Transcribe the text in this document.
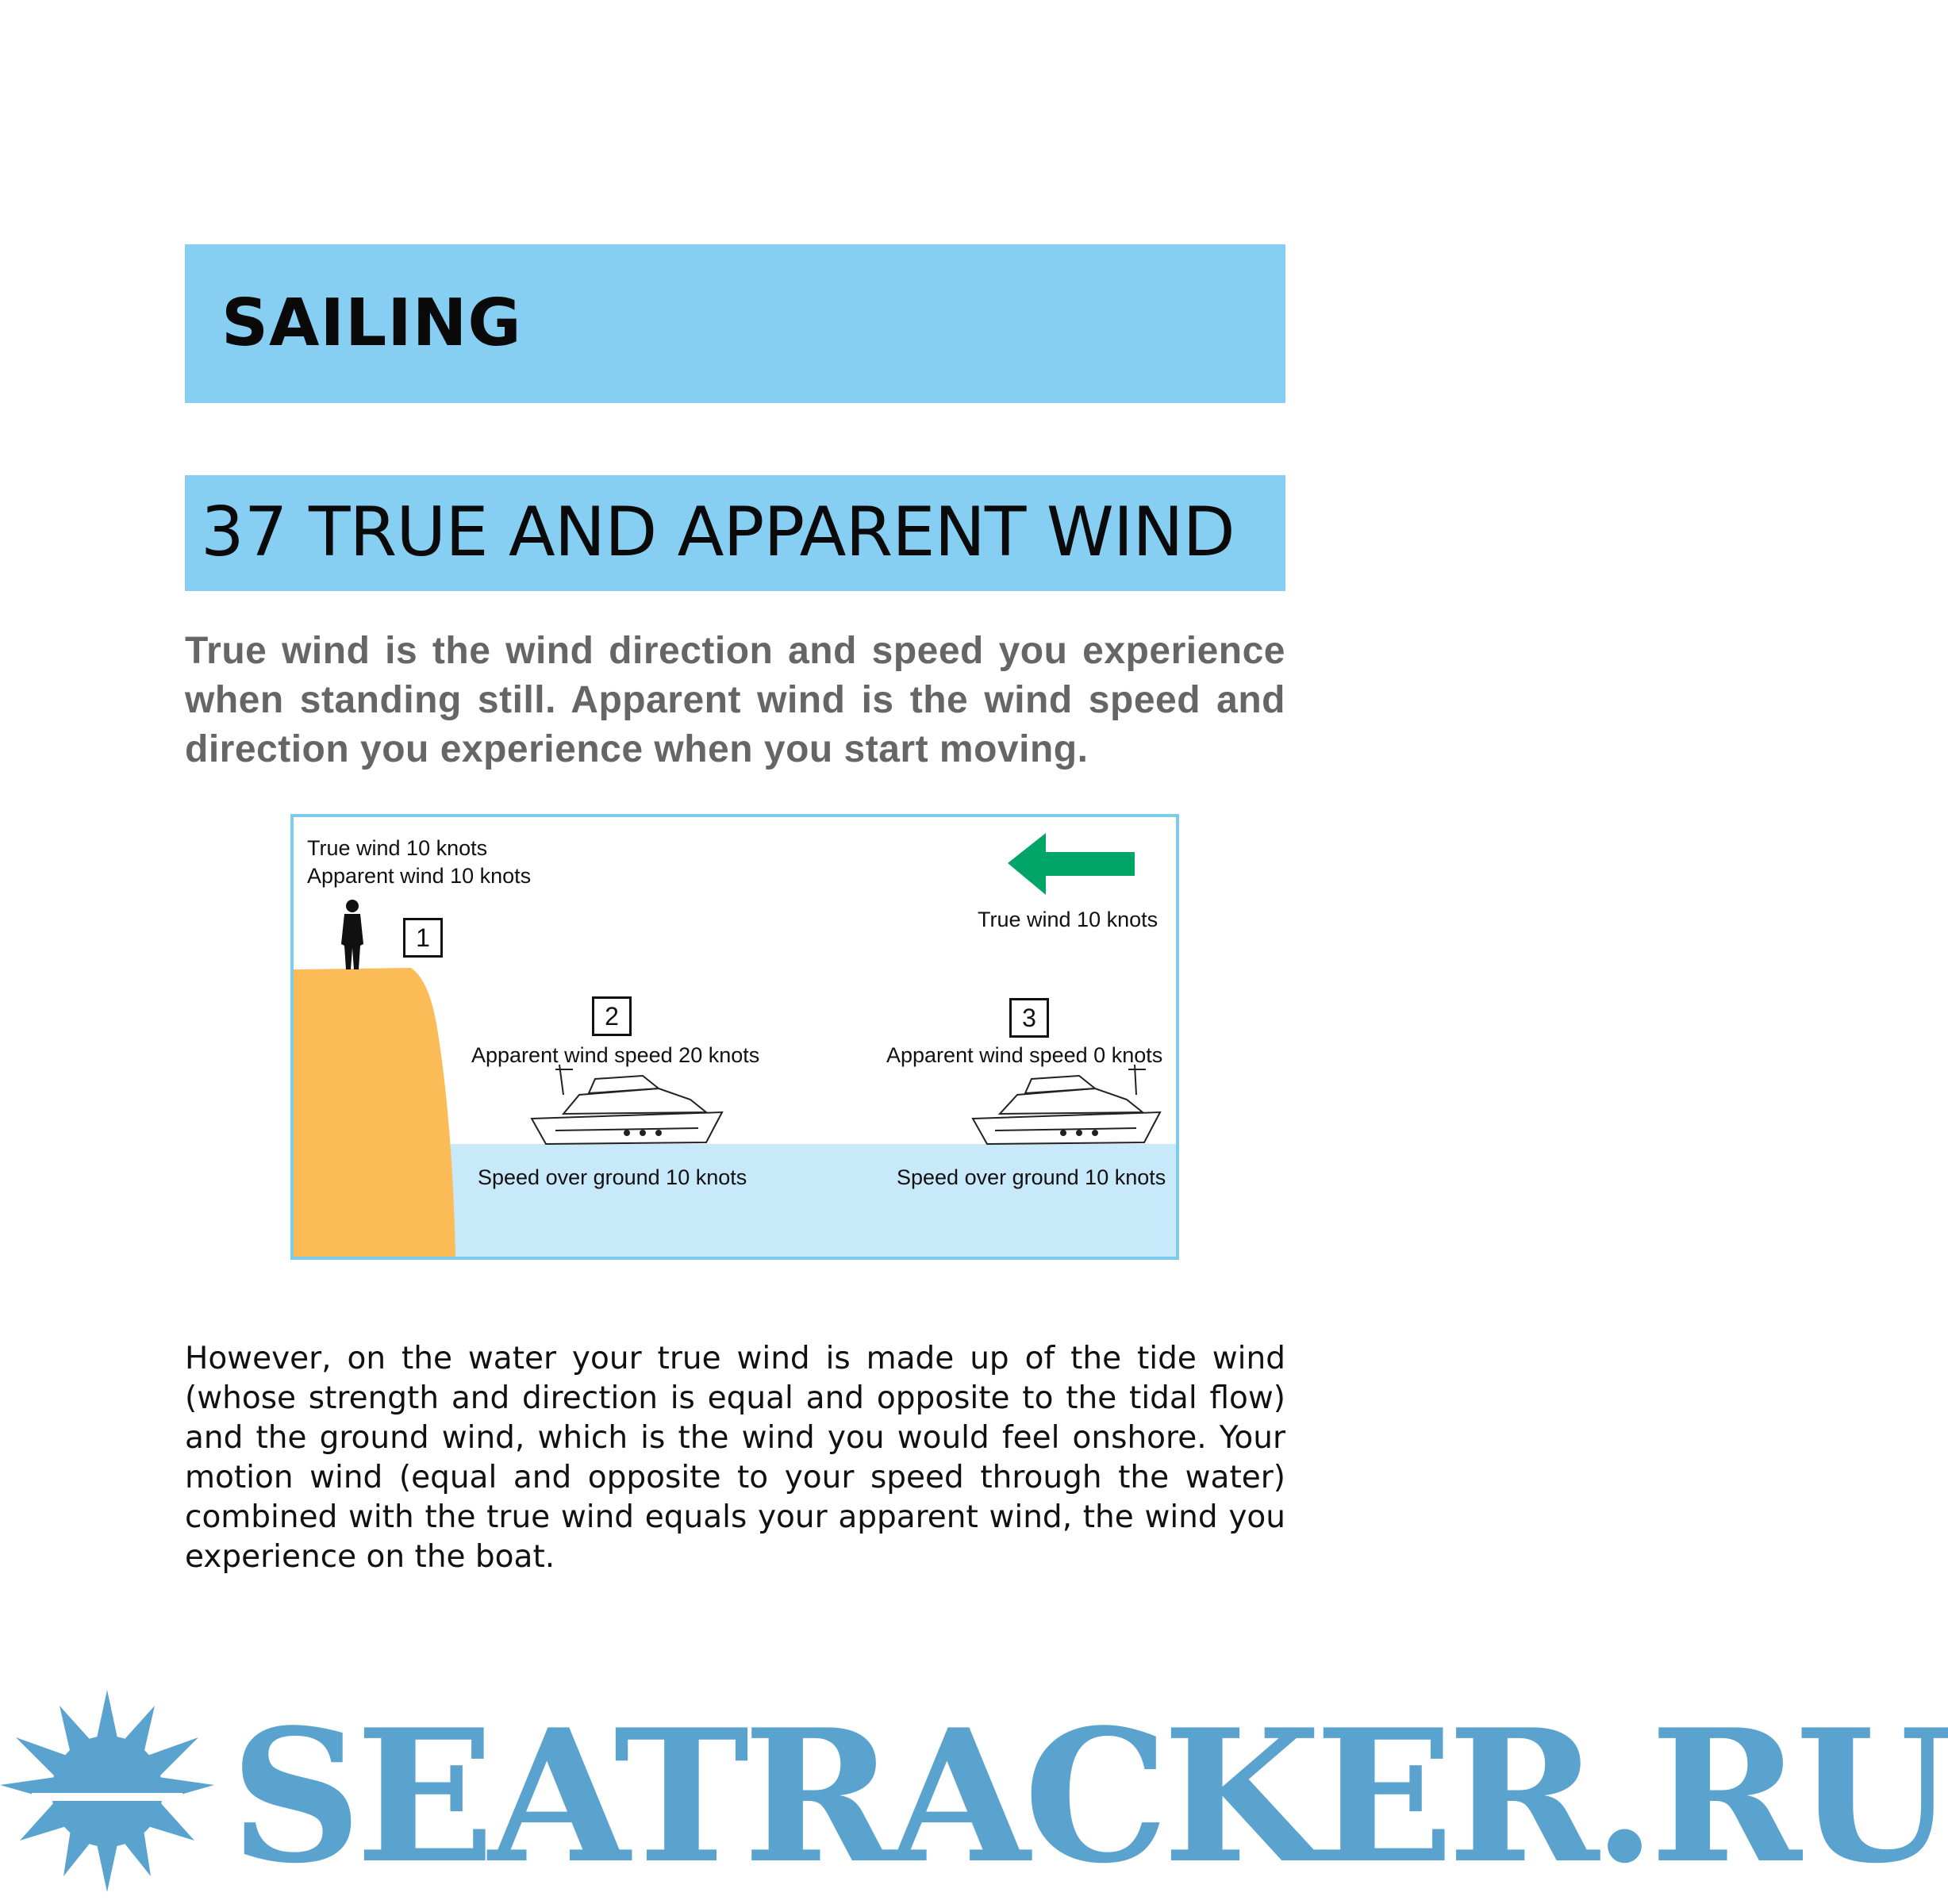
SAILING
37 TRUE AND APPARENT WIND

True wind is the wind direction and speed you experience when standing still. Apparent wind is the wind speed and direction you experience when you start moving.

True wind 10 knots
Apparent wind 10 knots
1
True wind 10 knots
2
Apparent wind speed 20 knots
Speed over ground 10 knots
3
Apparent wind speed 0 knots
Speed over ground 10 knots

However, on the water your true wind is made up of the tide wind (whose strength and direction is equal and opposite to the tidal flow) and the ground wind, which is the wind you would feel onshore. Your motion wind (equal and opposite to your speed through the water) combined with the true wind equals your apparent wind, the wind you experience on the boat.

SEATRACKER.RU
